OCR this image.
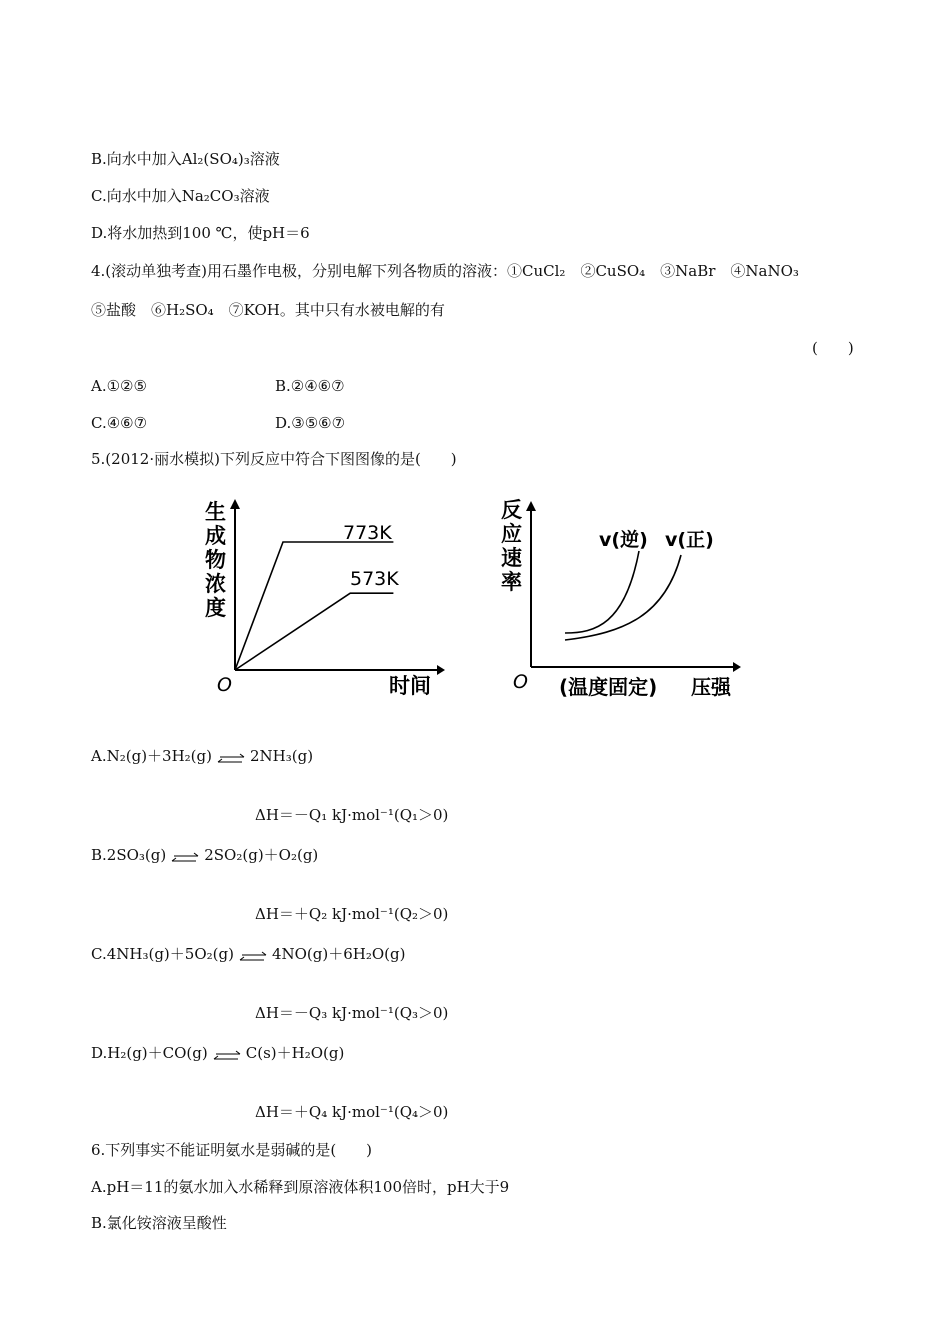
B.向水中加入Al₂(SO₄)₃溶液
C.向水中加入Na₂CO₃溶液
D.将水加热到100 ℃，使pH＝6
4.(滚动单独考查)用石墨作电极，分别电解下列各物质的溶液：①CuCl₂　②CuSO₄　③NaBr　④NaNO₃
⑤盐酸　⑥H₂SO₄　⑦KOH。其中只有水被电解的有
(　　)
A.①②⑤	B.②④⑥⑦
C.④⑥⑦	D.③⑤⑥⑦
5.(2012·丽水模拟)下列反应中符合下图图像的是(　　)
生
成
物
浓
度
O	时间
773K
573K
反
应
速
率
O (温度固定) 压强
v(逆) v(正)
A.N₂(g)＋3H₂(g) ⇌ 2NH₃(g)
ΔH＝－Q₁ kJ·mol⁻¹(Q₁＞0)
B.2SO₃(g) ⇌ 2SO₂(g)＋O₂(g)
ΔH＝＋Q₂ kJ·mol⁻¹(Q₂＞0)
C.4NH₃(g)＋5O₂(g) ⇌ 4NO(g)＋6H₂O(g)
ΔH＝－Q₃ kJ·mol⁻¹(Q₃＞0)
D.H₂(g)＋CO(g) ⇌ C(s)＋H₂O(g)
ΔH＝＋Q₄ kJ·mol⁻¹(Q₄＞0)
6.下列事实不能证明氨水是弱碱的是(　　)
A.pH＝11的氨水加入水稀释到原溶液体积100倍时，pH大于9
B.氯化铵溶液呈酸性
